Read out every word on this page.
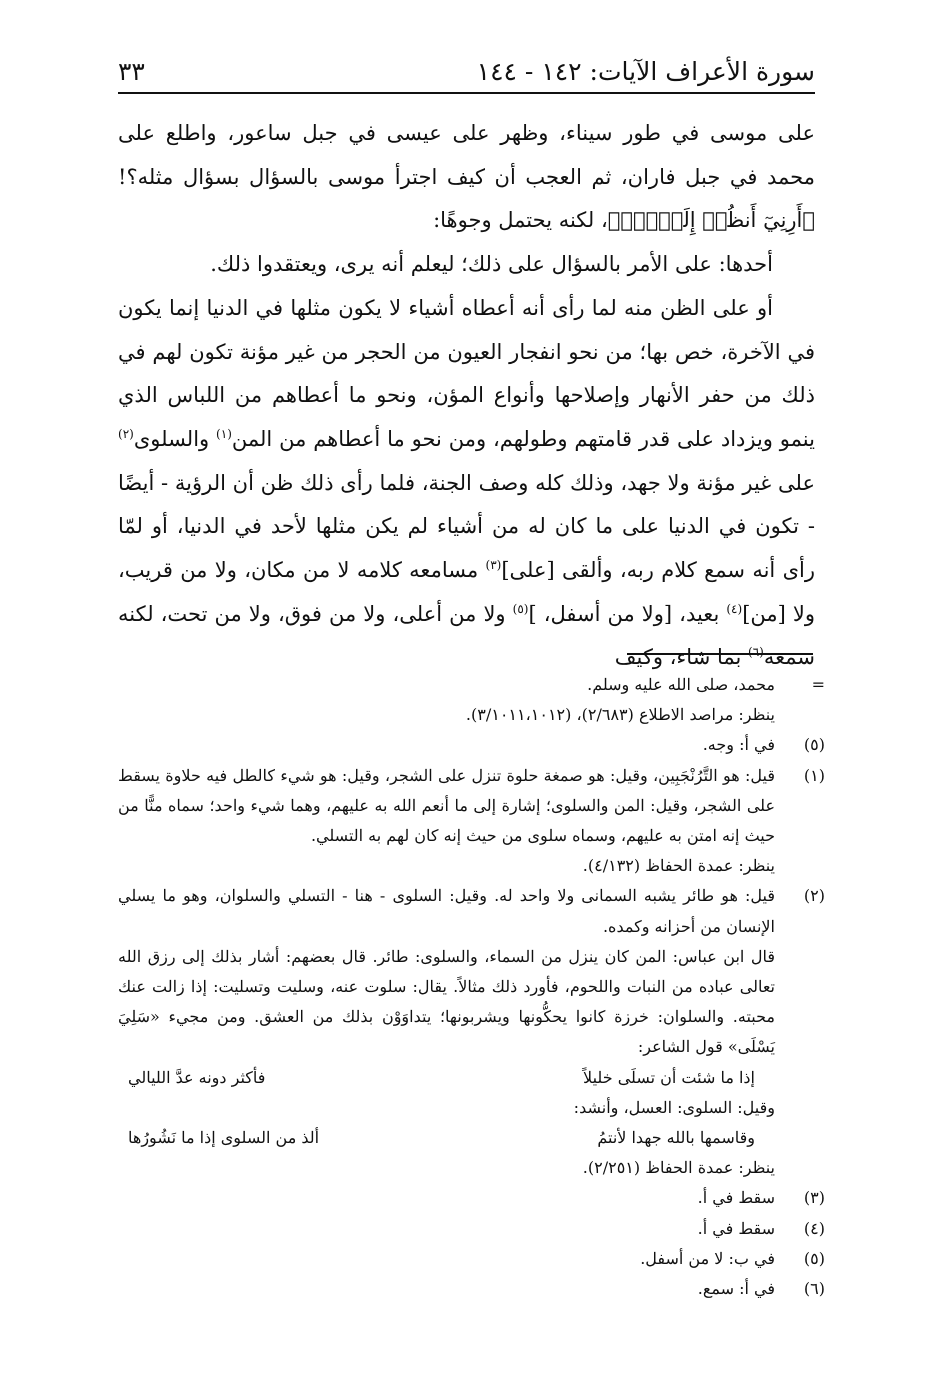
سورة الأعراف الآيات: ١٤٢ - ١٤٤
٣٣

على موسى في طور سيناء، وظهر على عيسى في جبل ساعور، واطلع على محمد في جبل فاران، ثم العجب أن كيف اجترأ موسى بالسؤال بسؤال مثله؟! ﴿أَرِنِيٓ أَنظُرۡ إِلَيۡكَۚ﴾، لكنه يحتمل وجوهًا:

أحدها: على الأمر بالسؤال على ذلك؛ ليعلم أنه يرى، ويعتقدوا ذلك.

أو على الظن منه لما رأى أنه أعطاه أشياء لا يكون مثلها في الدنيا إنما يكون في الآخرة، خص بها؛ من نحو انفجار العيون من الحجر من غير مؤنة تكون لهم في ذلك من حفر الأنهار وإصلاحها وأنواع المؤن، ونحو ما أعطاهم من اللباس الذي ينمو ويزداد على قدر قامتهم وطولهم، ومن نحو ما أعطاهم من المن$^{(١)}$ والسلوى$^{(٢)}$ على غير مؤنة ولا جهد، وذلك كله وصف الجنة، فلما رأى ذلك ظن أن الرؤية - أيضًا - تكون في الدنيا على ما كان له من أشياء لم يكن مثلها لأحد في الدنيا، أو لمّا رأى أنه سمع كلام ربه، وألقى [على]$^{(٣)}$ مسامعه كلامه لا من مكان، ولا من قريب، ولا [من]$^{(٤)}$ بعيد، [ولا من أسفل، ]$^{(٥)}$ ولا من أعلى، ولا من فوق، ولا من تحت، لكنه سمعه$^{(٦)}$ بما شاء، وكيف

=

محمد، صلى الله عليه وسلم.

ينظر: مراصد الاطلاع (٢/٦٨٣)، (٣/١٠١١،١٠١٢).

(٥)

في أ: وجه.

(١)

قيل: هو التَّرُنْجَبِين، وقيل: هو صمغة حلوة تنزل على الشجر، وقيل: هو شيء كالطل فيه حلاوة يسقط على الشجر، وقيل: المن والسلوى؛ إشارة إلى ما أنعم الله به عليهم، وهما شيء واحد؛ سماه منًّا من حيث إنه امتن به عليهم، وسماه سلوى من حيث إنه كان لهم به التسلي.

ينظر: عمدة الحفاظ (٤/١٣٢).

(٢)

قيل: هو طائر يشبه السمانى ولا واحد له. وقيل: السلوى - هنا - التسلي والسلوان، وهو ما يسلي الإنسان من أحزانه وكمده.

قال ابن عباس: المن كان ينزل من السماء، والسلوى: طائر. قال بعضهم: أشار بذلك إلى رزق الله تعالى عباده من النبات واللحوم، فأورد ذلك مثالاً. يقال: سلوت عنه، وسليت وتسليت: إذا زالت عنك محبته. والسلوان: خرزة كانوا يحكُّونها ويشربونها؛ يتداوَوْن بذلك من العشق. ومن مجيء «سَلِيَ يَسْلَى» قول الشاعر:

إذا ما شئت أن تسلَى خليلاً
فأكثر دونه عدَّ الليالي

وقيل: السلوى: العسل، وأنشد:

وقاسمها بالله جهدا لأنتمُ
ألذ من السلوى إذا ما نَشُورُها

ينظر: عمدة الحفاظ (٢/٢٥١).

(٣)

سقط في أ.

(٤)

سقط في أ.

(٥)

في ب: لا من أسفل.

(٦)

في أ: سمع.
